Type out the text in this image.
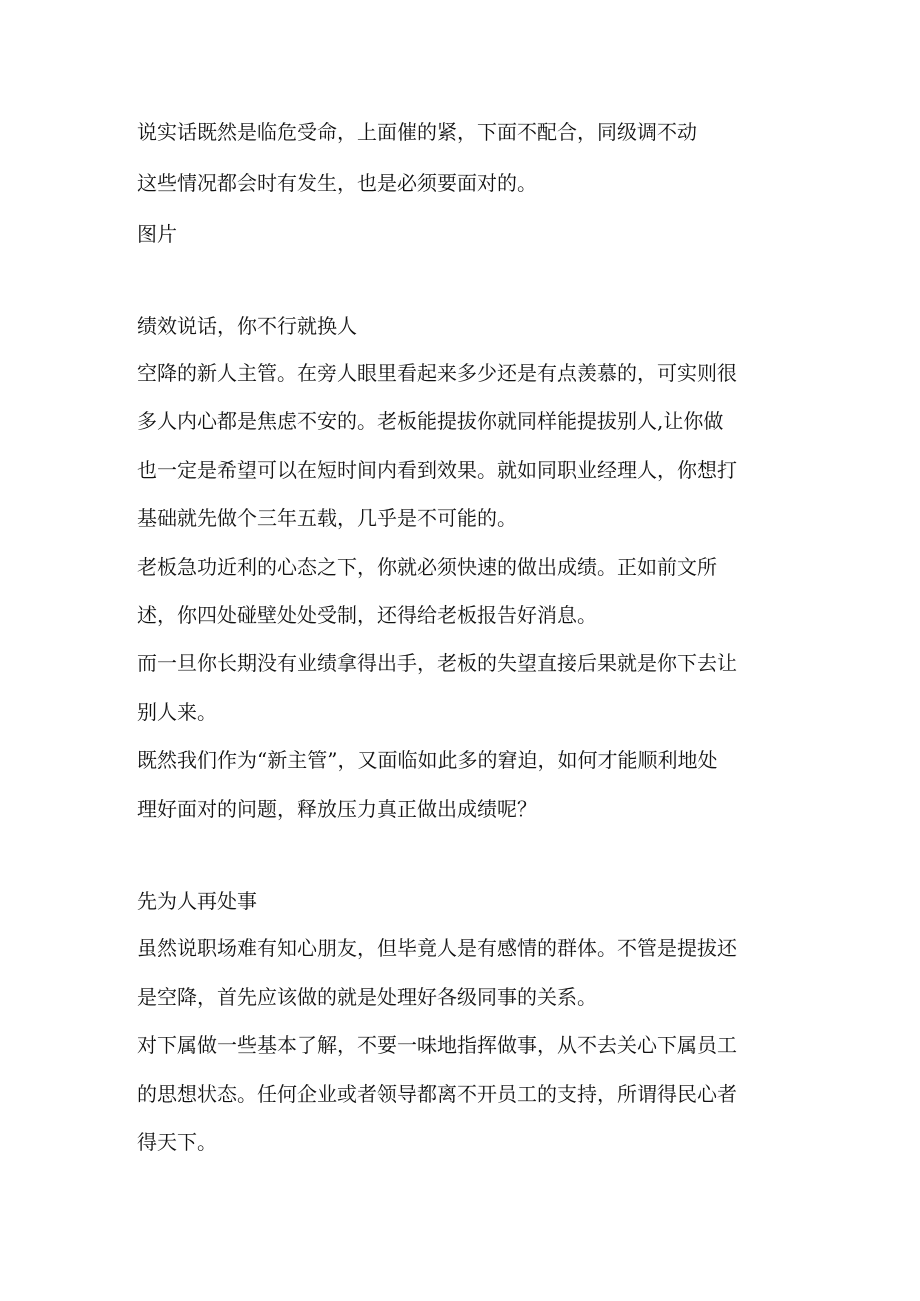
说实话既然是临危受命，上面催的紧，下面不配合，同级调不动

这些情况都会时有发生，也是必须要面对的。

图片

绩效说话，你不行就换人

空降的新人主管。在旁人眼里看起来多少还是有点羡慕的，可实则很

多人内心都是焦虑不安的。老板能提拔你就同样能提拔别人,让你做

也一定是希望可以在短时间内看到效果。就如同职业经理人，你想打

基础就先做个三年五载，几乎是不可能的。

老板急功近利的心态之下，你就必须快速的做出成绩。正如前文所

述，你四处碰壁处处受制，还得给老板报告好消息。

而一旦你长期没有业绩拿得出手，老板的失望直接后果就是你下去让

别人来。

既然我们作为“新主管”，又面临如此多的窘迫，如何才能顺利地处

理好面对的问题，释放压力真正做出成绩呢？

先为人再处事

虽然说职场难有知心朋友，但毕竟人是有感情的群体。不管是提拔还

是空降，首先应该做的就是处理好各级同事的关系。

对下属做一些基本了解，不要一味地指挥做事，从不去关心下属员工

的思想状态。任何企业或者领导都离不开员工的支持，所谓得民心者

得天下。
